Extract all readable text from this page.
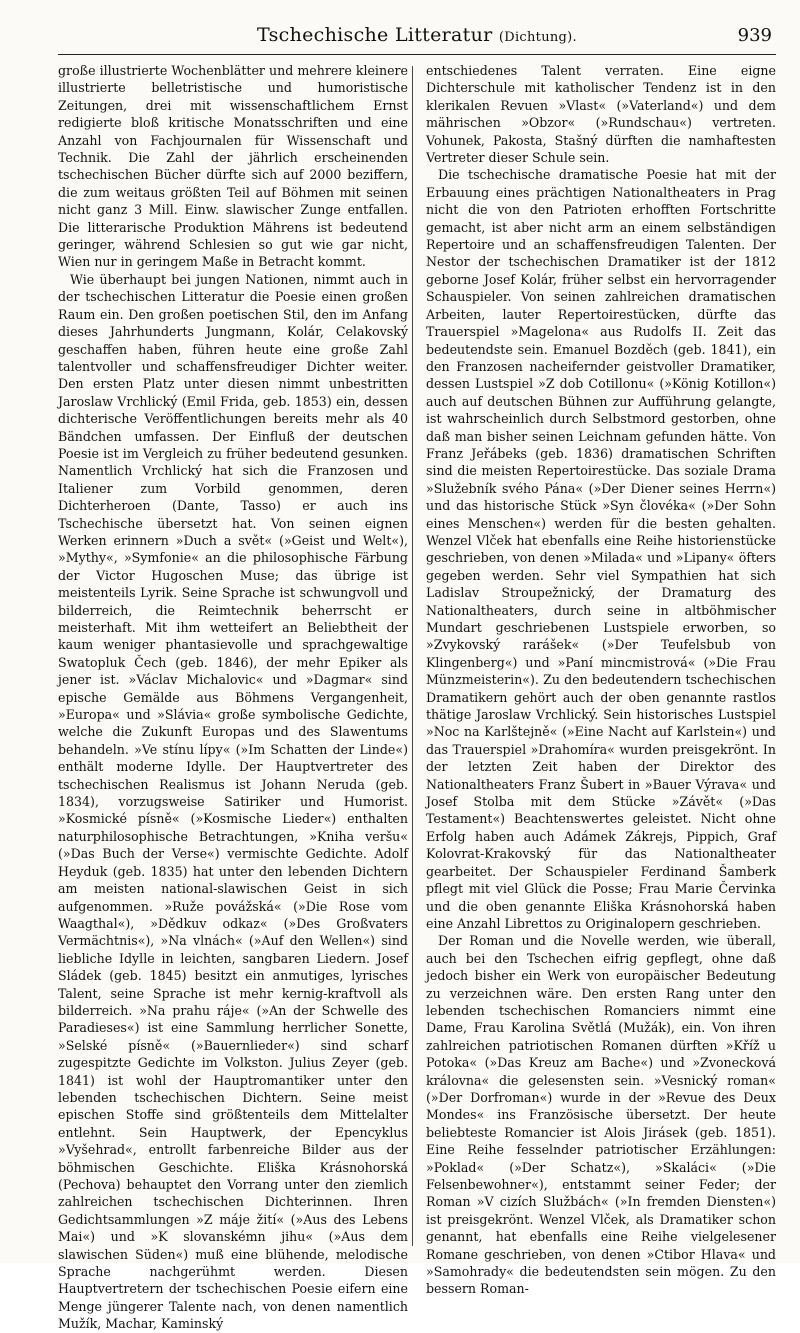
Tschechische Litteratur (Dichtung).	939

große illustrierte Wochenblätter und mehrere kleinere illustrierte belletristische und humoristische Zeitungen, drei mit wissenschaftlichem Ernst redigierte bloß kritische Monatsschriften und eine Anzahl von Fachjournalen für Wissenschaft und Technik. Die Zahl der jährlich erscheinenden tschechischen Bücher dürfte sich auf 2000 beziffern, die zum weitaus größten Teil auf Böhmen mit seinen nicht ganz 3 Mill. Einw. slawischer Zunge entfallen. Die litterarische Produktion Mährens ist bedeutend geringer, während Schlesien so gut wie gar nicht, Wien nur in geringem Maße in Betracht kommt.

Wie überhaupt bei jungen Nationen, nimmt auch in der tschechischen Litteratur die Poesie einen großen Raum ein. Den großen poetischen Stil, den im Anfang dieses Jahrhunderts Jungmann, Kolár, Celakovský geschaffen haben, führen heute eine große Zahl talentvoller und schaffensfreudiger Dichter weiter. Den ersten Platz unter diesen nimmt unbestritten Jaroslaw Vrchlický (Emil Frida, geb. 1853) ein, dessen dichterische Veröffentlichungen bereits mehr als 40 Bändchen umfassen. Der Einfluß der deutschen Poesie ist im Vergleich zu früher bedeutend gesunken. Namentlich Vrchlický hat sich die Franzosen und Italiener zum Vorbild genommen, deren Dichterheroen (Dante, Tasso) er auch ins Tschechische übersetzt hat. Von seinen eignen Werken erinnern »Duch a svět« (»Geist und Welt«), »Mythy«, »Symfonie« an die philosophische Färbung der Victor Hugoschen Muse; das übrige ist meistenteils Lyrik. Seine Sprache ist schwungvoll und bilderreich, die Reimtechnik beherrscht er meisterhaft. Mit ihm wetteifert an Beliebtheit der kaum weniger phantasievolle und sprachgewaltige Swatopluk Čech (geb. 1846), der mehr Epiker als jener ist. »Václav Michalovic« und »Dagmar« sind epische Gemälde aus Böhmens Vergangenheit, »Europa« und »Slávia« große symbolische Gedichte, welche die Zukunft Europas und des Slawentums behandeln. »Ve stínu lípy« (»Im Schatten der Linde«) enthält moderne Idylle. Der Hauptvertreter des tschechischen Realismus ist Johann Neruda (geb. 1834), vorzugsweise Satiriker und Humorist. »Kosmické písně« (»Kosmische Lieder«) enthalten naturphilosophische Betrachtungen, »Kniha veršu« (»Das Buch der Verse«) vermischte Gedichte. Adolf Heyduk (geb. 1835) hat unter den lebenden Dichtern am meisten national-slawischen Geist in sich aufgenommen. »Ruže povážská« (»Die Rose vom Waagthal«), »Dědkuv odkaz« (»Des Großvaters Vermächtnis«), »Na vlnách« (»Auf den Wellen«) sind liebliche Idylle in leichten, sangbaren Liedern. Josef Sládek (geb. 1845) besitzt ein anmutiges, lyrisches Talent, seine Sprache ist mehr kernig-kraftvoll als bilderreich. »Na prahu ráje« (»An der Schwelle des Paradieses«) ist eine Sammlung herrlicher Sonette, »Selské písně« (»Bauernlieder«) sind scharf zugespitzte Gedichte im Volkston. Julius Zeyer (geb. 1841) ist wohl der Hauptromantiker unter den lebenden tschechischen Dichtern. Seine meist epischen Stoffe sind größtenteils dem Mittelalter entlehnt. Sein Hauptwerk, der Epencyklus »Vyšehrad«, entrollt farbenreiche Bilder aus der böhmischen Geschichte. Eliška Krásnohorská (Pechova) behauptet den Vorrang unter den ziemlich zahlreichen tschechischen Dichterinnen. Ihren Gedichtsammlungen »Z máje žití« (»Aus des Lebens Mai«) und »K slovanskémn jihu« (»Aus dem slawischen Süden«) muß eine blühende, melodische Sprache nachgerühmt werden. Diesen Hauptvertretern der tschechischen Poesie eifern eine Menge jüngerer Talente nach, von denen namentlich Mužík, Machar, Kaminský

entschiedenes Talent verraten. Eine eigne Dichterschule mit katholischer Tendenz ist in den klerikalen Revuen »Vlast« (»Vaterland«) und dem mährischen »Obzor« (»Rundschau«) vertreten. Vohunek, Pakosta, Stašný dürften die namhaftesten Vertreter dieser Schule sein.

Die tschechische dramatische Poesie hat mit der Erbauung eines prächtigen Nationaltheaters in Prag nicht die von den Patrioten erhofften Fortschritte gemacht, ist aber nicht arm an einem selbständigen Repertoire und an schaffensfreudigen Talenten. Der Nestor der tschechischen Dramatiker ist der 1812 geborne Josef Kolár, früher selbst ein hervorragender Schauspieler. Von seinen zahlreichen dramatischen Arbeiten, lauter Repertoirestücken, dürfte das Trauerspiel »Magelona« aus Rudolfs II. Zeit das bedeutendste sein. Emanuel Bozděch (geb. 1841), ein den Franzosen nacheifernder geistvoller Dramatiker, dessen Lustspiel »Z dob Cotillonu« (»König Kotillon«) auch auf deutschen Bühnen zur Aufführung gelangte, ist wahrscheinlich durch Selbstmord gestorben, ohne daß man bisher seinen Leichnam gefunden hätte. Von Franz Jeřábeks (geb. 1836) dramatischen Schriften sind die meisten Repertoirestücke. Das soziale Drama »Služebník svého Pána« (»Der Diener seines Herrn«) und das historische Stück »Syn človéka« (»Der Sohn eines Menschen«) werden für die besten gehalten. Wenzel Vlček hat ebenfalls eine Reihe historienstücke geschrieben, von denen »Milada« und »Lipany« öfters gegeben werden. Sehr viel Sympathien hat sich Ladislav Stroupežnický, der Dramaturg des Nationaltheaters, durch seine in altböhmischer Mundart geschriebenen Lustspiele erworben, so »Zvykovský rarášek« (»Der Teufelsbub von Klingenberg«) und »Paní mincmistrová« (»Die Frau Münzmeisterin«). Zu den bedeutendern tschechischen Dramatikern gehört auch der oben genannte rastlos thätige Jaroslaw Vrchlický. Sein historisches Lustspiel »Noc na Karlštejně« (»Eine Nacht auf Karlstein«) und das Trauerspiel »Drahomíra« wurden preisgekrönt. In der letzten Zeit haben der Direktor des Nationaltheaters Franz Šubert in »Bauer Výrava« und Josef Stolba mit dem Stücke »Závět« (»Das Testament«) Beachtenswertes geleistet. Nicht ohne Erfolg haben auch Adámek Zákrejs, Pippich, Graf Kolovrat-Krakovský für das Nationaltheater gearbeitet. Der Schauspieler Ferdinand Šamberk pflegt mit viel Glück die Posse; Frau Marie Červinka und die oben genannte Eliška Krásnohorská haben eine Anzahl Librettos zu Originalopern geschrieben.

Der Roman und die Novelle werden, wie überall, auch bei den Tschechen eifrig gepflegt, ohne daß jedoch bisher ein Werk von europäischer Bedeutung zu verzeichnen wäre. Den ersten Rang unter den lebenden tschechischen Romanciers nimmt eine Dame, Frau Karolina Světlá (Mužák), ein. Von ihren zahlreichen patriotischen Romanen dürften »Kříž u Potoka« (»Das Kreuz am Bache«) und »Zvonecková královna« die gelesensten sein. »Vesnický roman« (»Der Dorfroman«) wurde in der »Revue des Deux Mondes« ins Französische übersetzt. Der heute beliebteste Romancier ist Alois Jirásek (geb. 1851). Eine Reihe fesselnder patriotischer Erzählungen: »Poklad« (»Der Schatz«), »Skaláci« (»Die Felsenbewohner«), entstammt seiner Feder; der Roman »V cizích Službách« (»In fremden Diensten«) ist preisgekrönt. Wenzel Vlček, als Dramatiker schon genannt, hat ebenfalls eine Reihe vielgelesener Romane geschrieben, von denen »Ctibor Hlava« und »Samohrady« die bedeutendsten sein mögen. Zu den bessern Roman-
